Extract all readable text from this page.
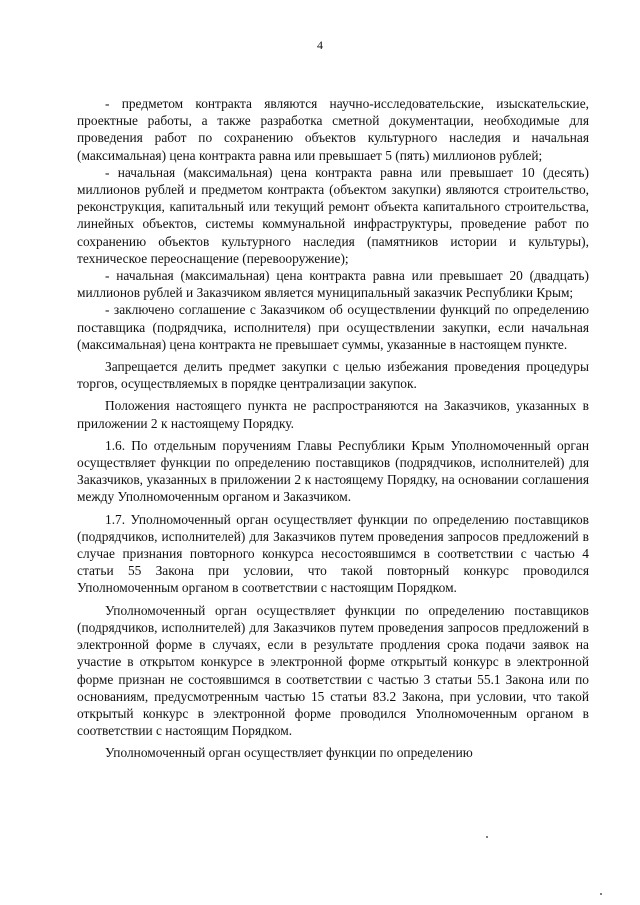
4

- предметом контракта являются научно-исследовательские, изыскательские, проектные работы, а также разработка сметной документации, необходимые для проведения работ по сохранению объектов культурного наследия и начальная (максимальная) цена контракта равна или превышает 5 (пять) миллионов рублей;

- начальная (максимальная) цена контракта равна или превышает 10 (десять) миллионов рублей и предметом контракта (объектом закупки) являются строительство, реконструкция, капитальный или текущий ремонт объекта капитального строительства, линейных объектов, системы коммунальной инфраструктуры, проведение работ по сохранению объектов культурного наследия (памятников истории и культуры), техническое переоснащение (перевооружение);

- начальная (максимальная) цена контракта равна или превышает 20 (двадцать) миллионов рублей и Заказчиком является муниципальный заказчик Республики Крым;

- заключено соглашение с Заказчиком об осуществлении функций по определению поставщика (подрядчика, исполнителя) при осуществлении закупки, если начальная (максимальная) цена контракта не превышает суммы, указанные в настоящем пункте.

Запрещается делить предмет закупки с целью избежания проведения процедуры торгов, осуществляемых в порядке централизации закупок.

Положения настоящего пункта не распространяются на Заказчиков, указанных в приложении 2 к настоящему Порядку.

1.6. По отдельным поручениям Главы Республики Крым Уполномоченный орган осуществляет функции по определению поставщиков (подрядчиков, исполнителей) для Заказчиков, указанных в приложении 2 к настоящему Порядку, на основании соглашения между Уполномоченным органом и Заказчиком.

1.7. Уполномоченный орган осуществляет функции по определению поставщиков (подрядчиков, исполнителей) для Заказчиков путем проведения запросов предложений в случае признания повторного конкурса несостоявшимся в соответствии с частью 4 статьи 55 Закона при условии, что такой повторный конкурс проводился Уполномоченным органом в соответствии с настоящим Порядком.

Уполномоченный орган осуществляет функции по определению поставщиков (подрядчиков, исполнителей) для Заказчиков путем проведения запросов предложений в электронной форме в случаях, если в результате продления срока подачи заявок на участие в открытом конкурсе в электронной форме открытый конкурс в электронной форме признан не состоявшимся в соответствии с частью 3 статьи 55.1 Закона или по основаниям, предусмотренным частью 15 статьи 83.2 Закона, при условии, что такой открытый конкурс в электронной форме проводился Уполномоченным органом в соответствии с настоящим Порядком.

Уполномоченный орган осуществляет функции по определению
